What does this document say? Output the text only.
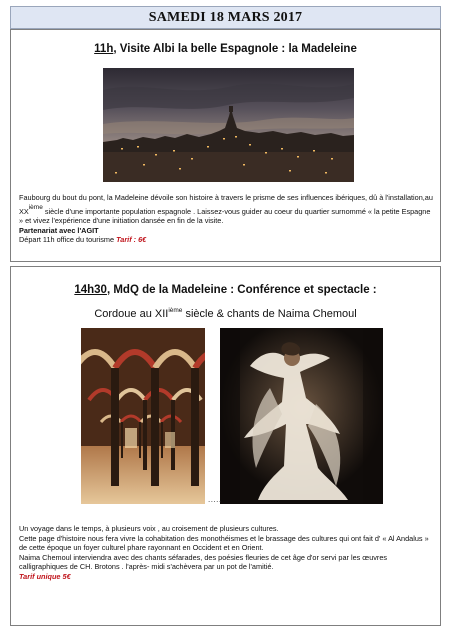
SAMEDI 18 MARS 2017
11h, Visite Albi la belle Espagnole : la Madeleine
Faubourg du bout du pont, la Madeleine dévoile son histoire à travers le prisme de ses influences ibériques, dû à l'installation,au XXième siècle d'une importante population espagnole . Laissez-vous guider au coeur du quartier surnommé « la petite Espagne » et vivez l'expérience d'une initiation dansée en fin de la visite.
Partenariat avec l'AGIT
Départ 11h office du tourisme Tarif : 6€
14h30, MdQ de la Madeleine : Conférence et spectacle :
Cordoue au XIIième siècle & chants de Naima Chemoul
.....
Un voyage dans le temps, à plusieurs voix , au croisement de plusieurs cultures.
Cette page d'histoire nous fera vivre la cohabitation des monothéismes et le brassage des cultures qui ont fait d' « Al Andalus » de cette époque un foyer culturel phare rayonnant en Occident et en Orient.
Naima Chemoul interviendra avec des chants séfarades, des poésies fleuries de cet âge d'or servi par les œuvres calligraphiques de CH. Brotons . l'après- midi s'achèvera par un pot de l'amitié.
Tarif unique 5€
